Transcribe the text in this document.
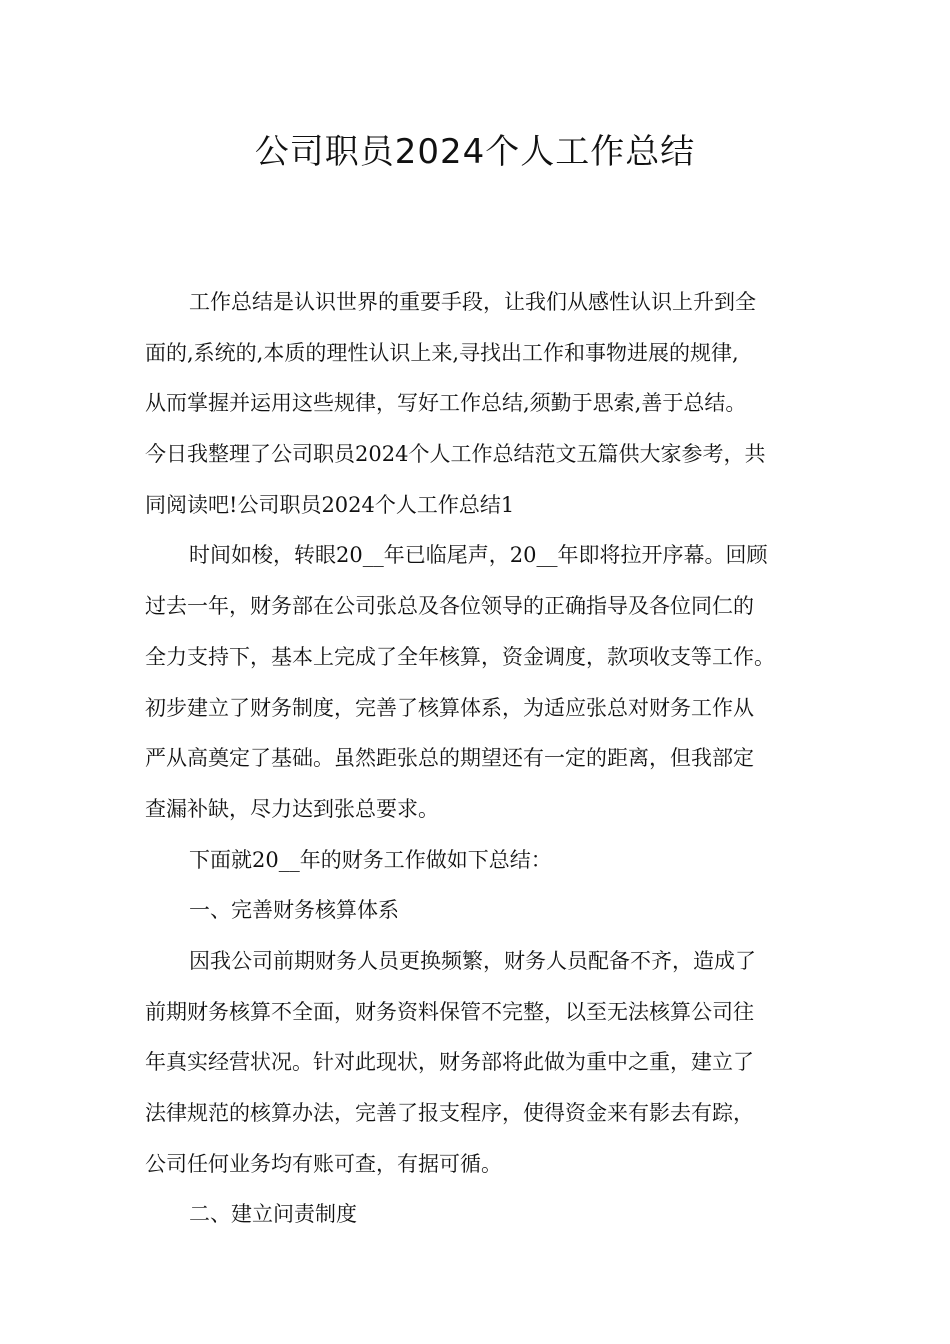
公司职员2024个人工作总结
工作总结是认识世界的重要手段，让我们从感性认识上升到全
面的,系统的,本质的理性认识上来,寻找出工作和事物进展的规律,
从而掌握并运用这些规律，写好工作总结,须勤于思索,善于总结。
今日我整理了公司职员2024个人工作总结范文五篇供大家参考，共
同阅读吧!公司职员2024个人工作总结1
时间如梭，转眼20__年已临尾声，20__年即将拉开序幕。回顾
过去一年，财务部在公司张总及各位领导的正确指导及各位同仁的
全力支持下，基本上完成了全年核算，资金调度，款项收支等工作。
初步建立了财务制度，完善了核算体系，为适应张总对财务工作从
严从高奠定了基础。虽然距张总的期望还有一定的距离，但我部定
查漏补缺，尽力达到张总要求。
下面就20__年的财务工作做如下总结：
一、完善财务核算体系
因我公司前期财务人员更换频繁，财务人员配备不齐，造成了
前期财务核算不全面，财务资料保管不完整，以至无法核算公司往
年真实经营状况。针对此现状，财务部将此做为重中之重，建立了
法律规范的核算办法，完善了报支程序，使得资金来有影去有踪，
公司任何业务均有账可查，有据可循。
二、建立问责制度
